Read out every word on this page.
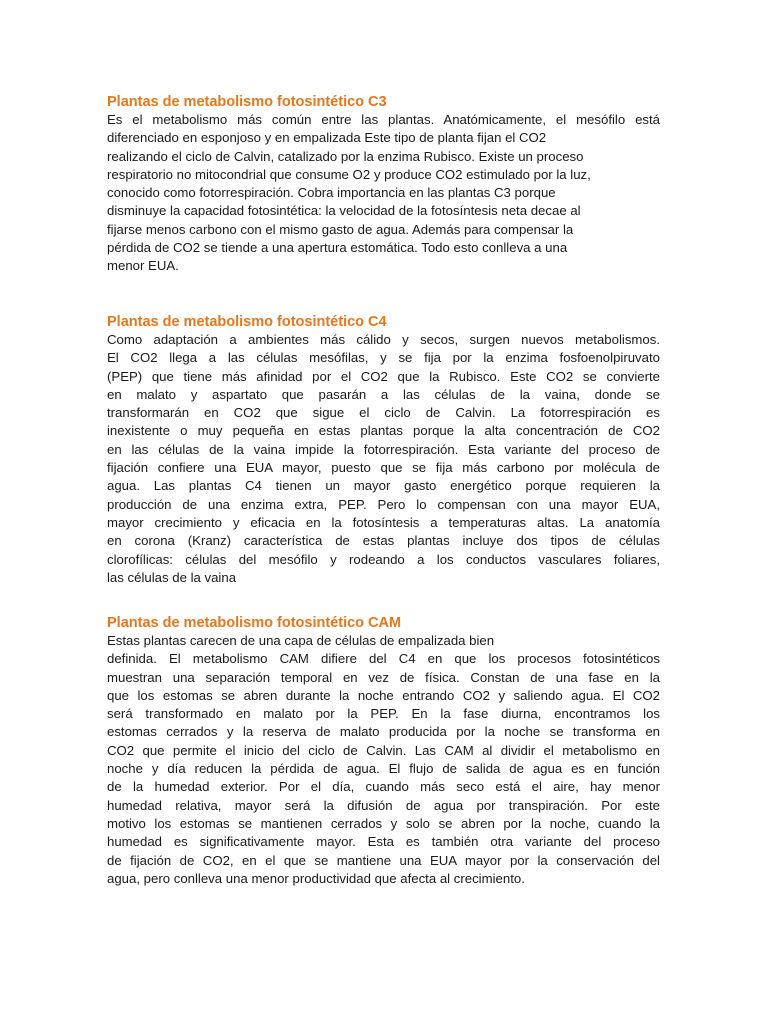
Plantas de metabolismo fotosintético C3
Es el metabolismo más común entre las plantas. Anatómicamente, el mesófilo está
diferenciado en esponjoso y en empalizada Este tipo de planta fijan el CO2
realizando el ciclo de Calvin, catalizado por la enzima Rubisco. Existe un proceso
respiratorio no mitocondrial que consume O2 y produce CO2 estimulado por la luz,
conocido como fotorrespiración. Cobra importancia en las plantas C3 porque
disminuye la capacidad fotosintética: la velocidad de la fotosíntesis neta decae al
fijarse menos carbono con el mismo gasto de agua. Además para compensar la
pérdida de CO2 se tiende a una apertura estomática. Todo esto conlleva a una
menor EUA.
Plantas de metabolismo fotosintético C4
Como adaptación a ambientes más cálido y secos, surgen nuevos metabolismos.
El CO2 llega a las células mesófilas, y se fija por la enzima fosfoenolpiruvato
(PEP) que tiene más afinidad por el CO2 que la Rubisco. Este CO2 se convierte
en malato y aspartato que pasarán a las células de la vaina, donde se
transformarán en CO2 que sigue el ciclo de Calvin. La fotorrespiración es
inexistente o muy pequeña en estas plantas porque la alta concentración de CO2
en las células de la vaina impide la fotorrespiración. Esta variante del proceso de
fijación confiere una EUA mayor, puesto que se fija más carbono por molécula de
agua. Las plantas C4 tienen un mayor gasto energético porque requieren la
producción de una enzima extra, PEP. Pero lo compensan con una mayor EUA,
mayor crecimiento y eficacia en la fotosíntesis a temperaturas altas. La anatomía
en corona (Kranz) característica de estas plantas incluye dos tipos de células
clorofílicas: células del mesófilo y rodeando a los conductos vasculares foliares,
las células de la vaina
Plantas de metabolismo fotosintético CAM
Estas plantas carecen de una capa de células de empalizada bien
definida. El metabolismo CAM difiere del C4 en que los procesos fotosintéticos
muestran una separación temporal en vez de física. Constan de una fase en la
que los estomas se abren durante la noche entrando CO2 y saliendo agua. El CO2
será transformado en malato por la PEP. En la fase diurna, encontramos los
estomas cerrados y la reserva de malato producida por la noche se transforma en
CO2 que permite el inicio del ciclo de Calvin. Las CAM al dividir el metabolismo en
noche y día reducen la pérdida de agua. El flujo de salida de agua es en función
de la humedad exterior. Por el día, cuando más seco está el aire, hay menor
humedad relativa, mayor será la difusión de agua por transpiración. Por este
motivo los estomas se mantienen cerrados y solo se abren por la noche, cuando la
humedad es significativamente mayor. Esta es también otra variante del proceso
de fijación de CO2, en el que se mantiene una EUA mayor por la conservación del
agua, pero conlleva una menor productividad que afecta al crecimiento.
